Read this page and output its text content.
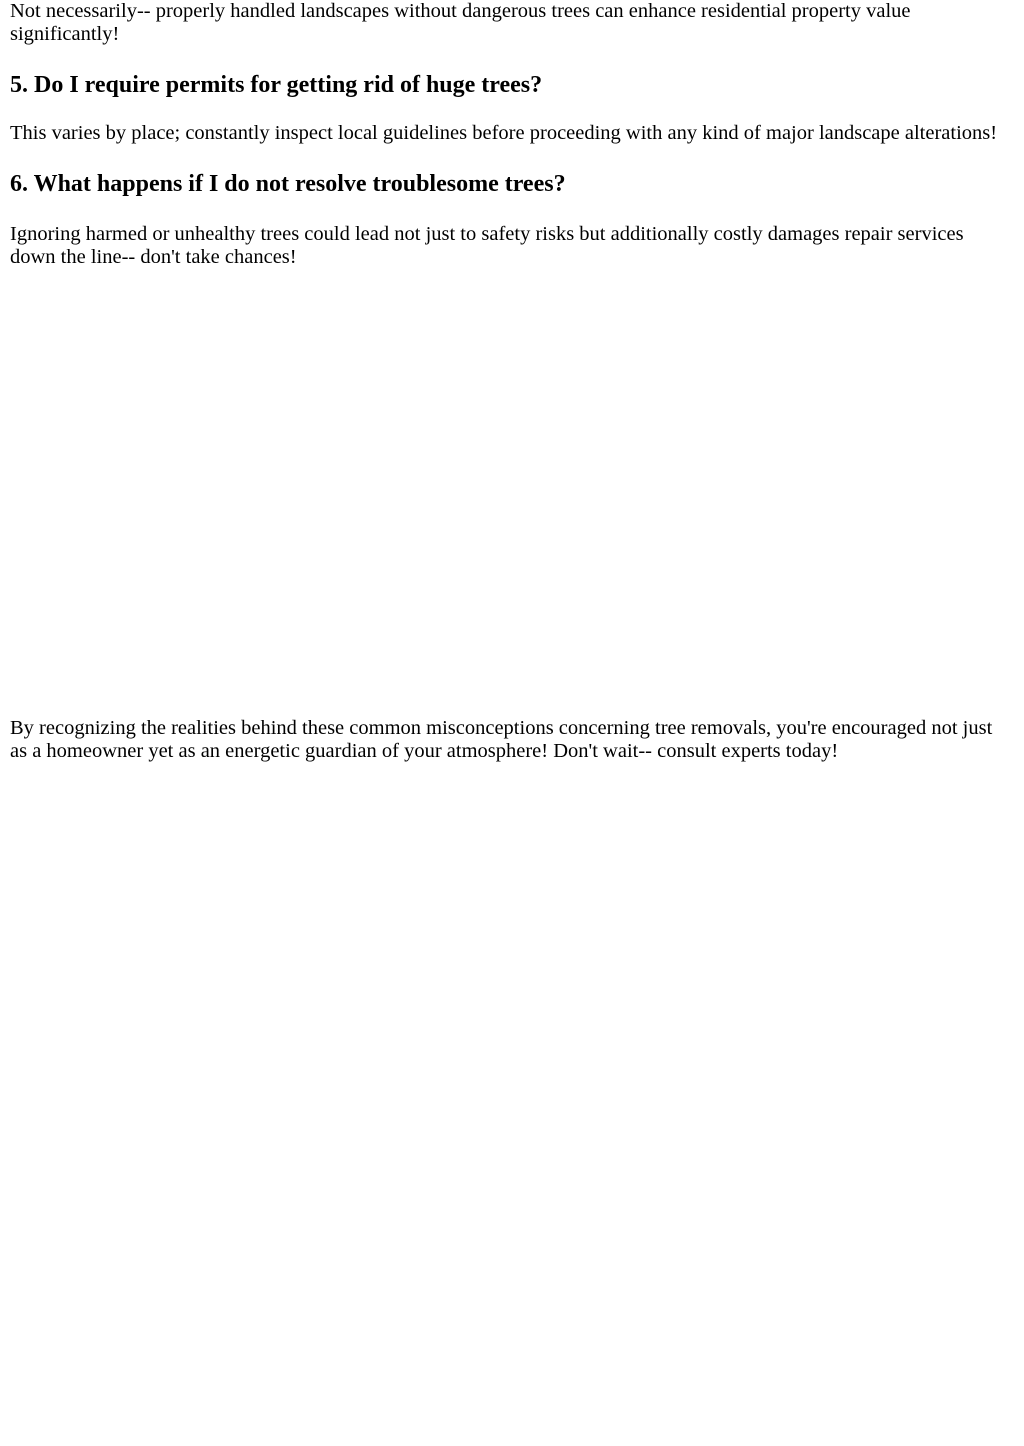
Not necessarily-- properly handled landscapes without dangerous trees can enhance residential property value significantly!

5. Do I require permits for getting rid of huge trees?

This varies by place; constantly inspect local guidelines before proceeding with any kind of major landscape alterations!

6. What happens if I do not resolve troublesome trees?

Ignoring harmed or unhealthy trees could lead not just to safety risks but additionally costly damages repair services down the line-- don't take chances!

By recognizing the realities behind these common misconceptions concerning tree removals, you're encouraged not just as a homeowner yet as an energetic guardian of your atmosphere! Don't wait-- consult experts today!
